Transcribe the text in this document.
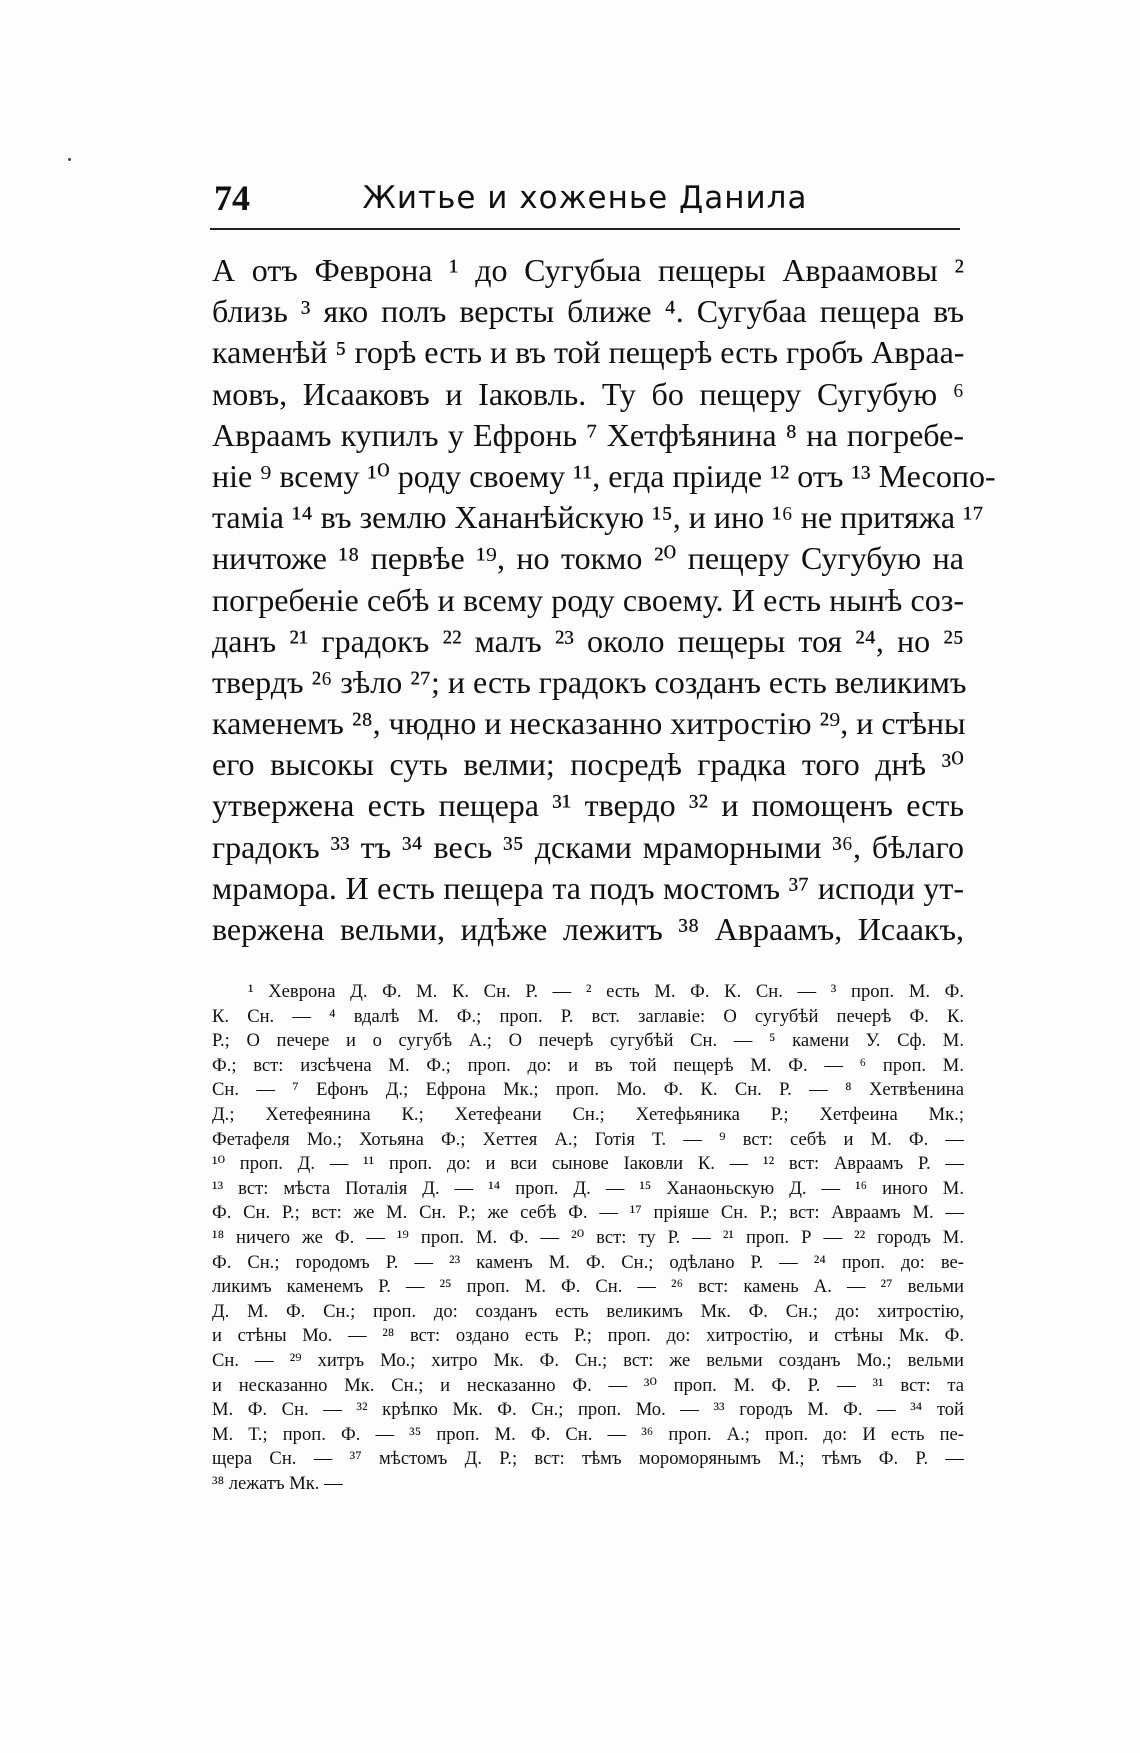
74	Житье и хоженье Данила
А отъ Феврона ¹ до Сугубыа пещеры Авраамовы ²
близь ³ яко полъ версты ближе ⁴. Сугубаа пещера въ
каменѣй ⁵ горѣ есть и въ той пещерѣ есть гробъ Авраа-
мовъ, Исааковъ и Іаковль. Ту бо пещеру Сугубую ⁶
Авраамъ купилъ у Ефронь ⁷ Хетфѣянина ⁸ на погребе-
ніе ⁹ всему ¹⁰ роду своему ¹¹, егда пріиде ¹² отъ ¹³ Месопо-
таміа ¹⁴ въ землю Хананѣйскую ¹⁵, и ино ¹⁶ не притяжа ¹⁷
ничтоже ¹⁸ первѣе ¹⁹, но токмо ²⁰ пещеру Сугубую на
погребеніе себѣ и всему роду своему. И есть нынѣ соз-
данъ ²¹ градокъ ²² малъ ²³ около пещеры тоя ²⁴, но ²⁵
твердъ ²⁶ зѣло ²⁷; и есть градокъ созданъ есть великимъ
каменемъ ²⁸, чюдно и несказанно хитростію ²⁹, и стѣны
его высокы суть велми; посредѣ градка того днѣ ³⁰
утвержена есть пещера ³¹ твердо ³² и помощенъ есть
градокъ ³³ тъ ³⁴ весь ³⁵ дсками мраморными ³⁶, бѣлаго
мрамора. И есть пещера та подъ мостомъ ³⁷ исподи ут-
вержена вельми, идѣже лежитъ ³⁸ Авраамъ, Исаакъ,
¹ Хеврона Д. Ф. М. К. Сн. Р. — ² есть М. Ф. К. Сн. — ³ проп. М. Ф.
К. Сн. — ⁴ вдалѣ М. Ф.; проп. Р. вст. заглавіе: О сугубѣй печерѣ Ф. К.
Р.; О печере и о сугубѣ А.; О печерѣ сугубѣй Сн. — ⁵ камени У. Сф. М.
Ф.; вст: изсѣчена М. Ф.; проп. до: и въ той пещерѣ М. Ф. — ⁶ проп. М.
Сн. — ⁷ Ефонъ Д.; Ефрона Мк.; проп. Мо. Ф. К. Сн. Р. — ⁸ Хетвѣенина
Д.; Хетефеянина К.; Хетефеани Сн.; Хетефьяника Р.; Хетфеина Мк.;
Фетафеля Мо.; Хотьяна Ф.; Хеттея А.; Готія Т. — ⁹ вст: себѣ и М. Ф. —
¹⁰ проп. Д. — ¹¹ проп. до: и вси сынове Іаковли К. — ¹² вст: Авраамъ Р. —
¹³ вст: мѣста Поталія Д. — ¹⁴ проп. Д. — ¹⁵ Ханаоньскую Д. — ¹⁶ иного М.
Ф. Сн. Р.; вст: же М. Сн. Р.; же себѣ Ф. — ¹⁷ пріяше Сн. Р.; вст: Авраамъ М. —
¹⁸ ничего же Ф. — ¹⁹ проп. М. Ф. — ²⁰ вст: ту Р. — ²¹ проп. Р — ²² городъ М.
Ф. Сн.; городомъ Р. — ²³ каменъ М. Ф. Сн.; одѣлано Р. — ²⁴ проп. до: ве-
ликимъ каменемъ Р. — ²⁵ проп. М. Ф. Сн. — ²⁶ вст: камень А. — ²⁷ вельми
Д. М. Ф. Сн.; проп. до: созданъ есть великимъ Мк. Ф. Сн.; до: хитростію,
и стѣны Мо. — ²⁸ вст: оздано есть Р.; проп. до: хитростію, и стѣны Мк. Ф.
Сн. — ²⁹ хитръ Мо.; хитро Мк. Ф. Сн.; вст: же вельми созданъ Мо.; вельми
и несказанно Мк. Сн.; и несказанно Ф. — ³⁰ проп. М. Ф. Р. — ³¹ вст: та
М. Ф. Сн. — ³² крѣпко Мк. Ф. Сн.; проп. Мо. — ³³ городъ М. Ф. — ³⁴ той
М. Т.; проп. Ф. — ³⁵ проп. М. Ф. Сн. — ³⁶ проп. А.; проп. до: И есть пе-
щера Сн. — ³⁷ мѣстомъ Д. Р.; вст: тѣмъ мороморянымъ М.; тѣмъ Ф. Р. —
³⁸ лежатъ Мк. —
